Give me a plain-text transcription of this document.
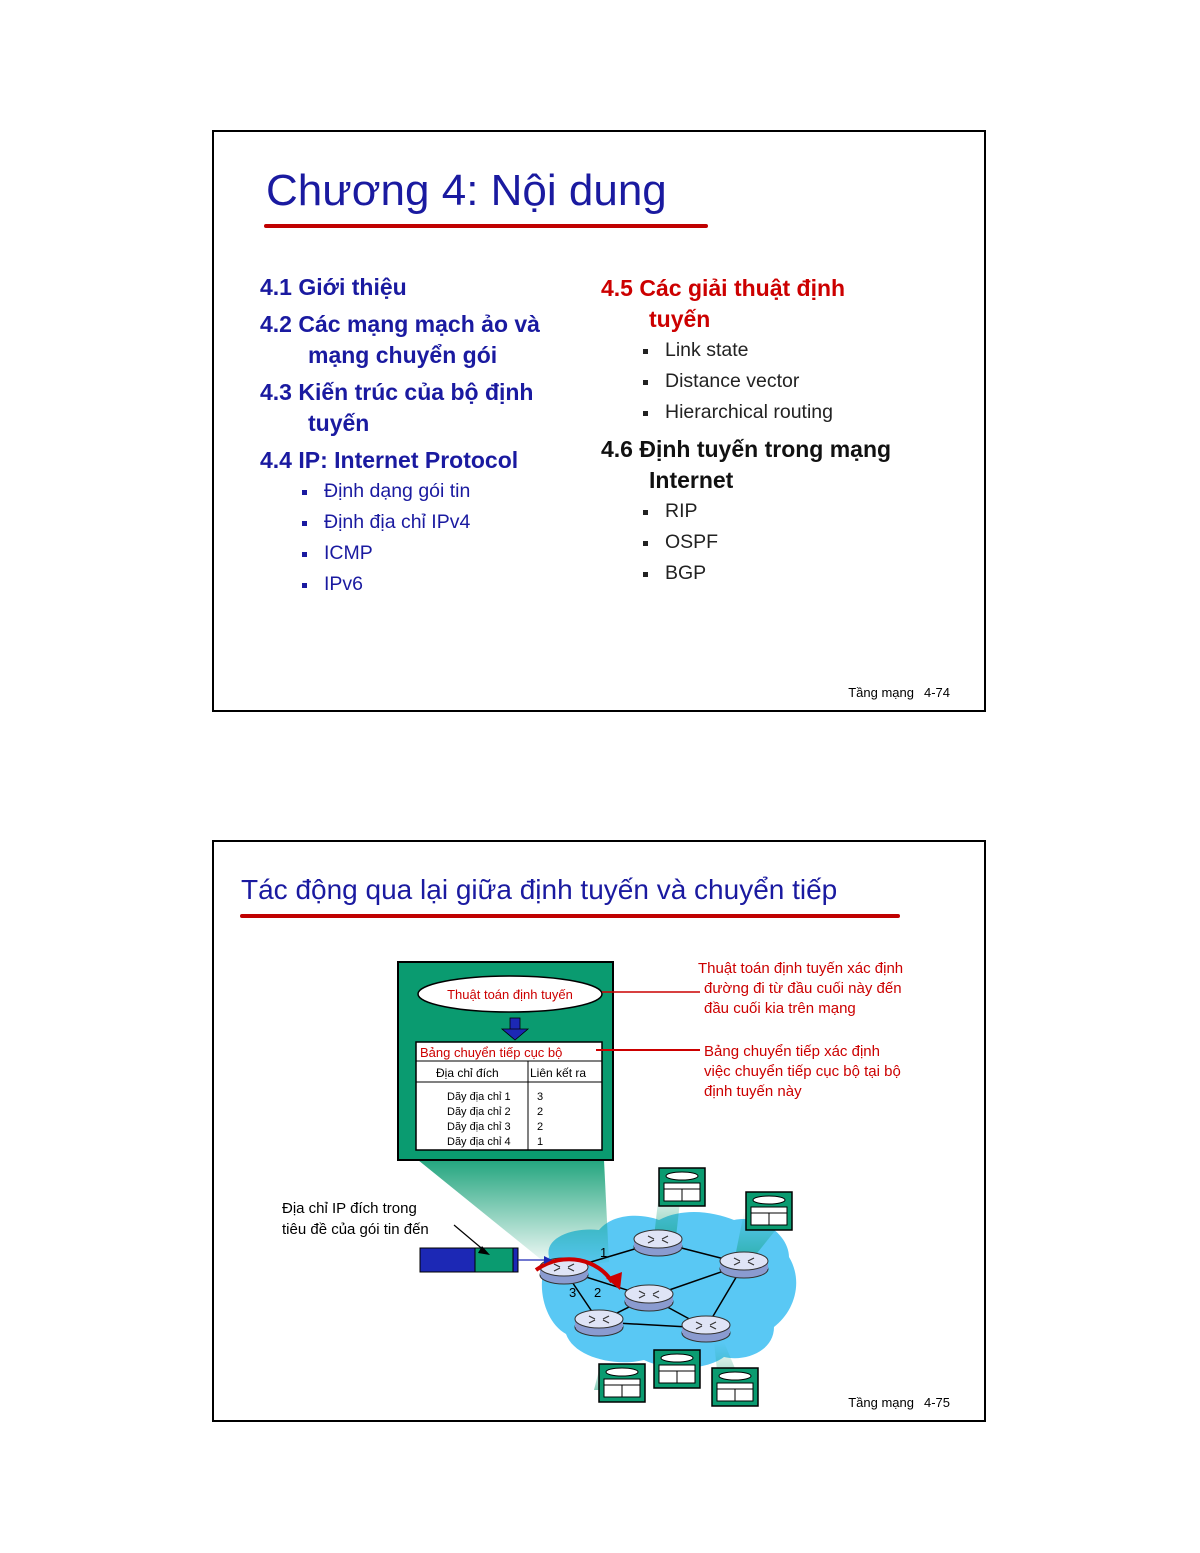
Chương 4: Nội dung
4.1 Giới thiệu
4.2 Các mạng mạch ảo và
mạng chuyển gói
4.3 Kiến trúc của bộ định
tuyến
4.4 IP: Internet Protocol
Định dạng gói tin
Định địa chỉ IPv4
ICMP
IPv6
4.5 Các giải thuật định
tuyến
Link state
Distance vector
Hierarchical routing
4.6 Định tuyến trong mạng
Internet
RIP
OSPF
BGP
Tầng mạng 4-74
Tác động qua lại giữa định tuyến và chuyển tiếp
1
2
3
Thuật toán định tuyến
Bảng chuyển tiếp cục bộ
Địa chỉ đích	Liên kết ra
Dãy địa chỉ 1
Dãy địa chỉ 2
Dãy địa chỉ 3
Dãy địa chỉ 4
3
2
2
1
Thuật toán định tuyến xác định đường đi từ đầu cuối này đến đầu cuối kia trên mạng
Bảng chuyển tiếp xác định việc chuyển tiếp cục bộ tại bộ định tuyến này
Địa chỉ IP đích trong tiêu đề của gói tin đến
Tầng mạng 4-75
